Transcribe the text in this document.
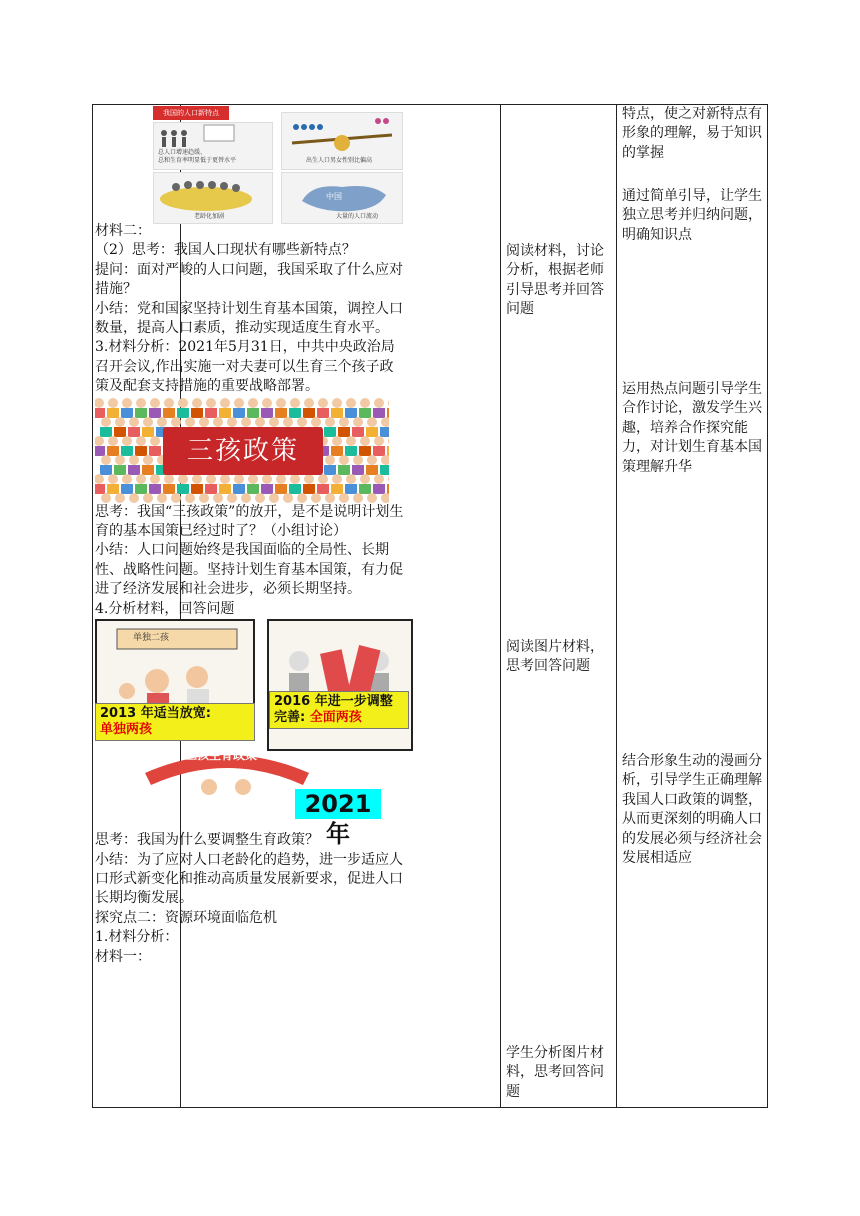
我国的人口新特点
总人口增速趋缓、
总和生育率明显低于更替水平	出生人口男女性别比偏高
老龄化加剧
中国
大量的人口流动

材料二：

（2）思考：我国人口现状有哪些新特点？

提问：面对严峻的人口问题，我国采取了什么应对措施？

小结：党和国家坚持计划生育基本国策，调控人口数量，提高人口素质，推动实现适度生育水平。

3.材料分析：2021年5月31日，中共中央政治局召开会议,作出实施一对夫妻可以生育三个孩子政策及配套支持措施的重要战略部署。

三孩政策

思考：我国“三孩政策”的放开，是不是说明计划生育的基本国策已经过时了？（小组讨论）

小结：人口问题始终是我国面临的全局性、长期性、战略性问题。坚持计划生育基本国策，有力促进了经济发展和社会进步，必须长期坚持。

4.分析材料，回答问题

单独二孩
2013 年适当放宽:
单独两孩
2016 年进一步调整完善: 全面两孩
三孩生育政策
2021 年

思考：我国为什么要调整生育政策？

小结：为了应对人口老龄化的趋势，进一步适应人口形式新变化和推动高质量发展新要求，促进人口长期均衡发展。

探究点二：资源环境面临危机

1.材料分析：

材料一：

阅读材料，讨论分析，根据老师引导思考并回答问题
阅读图片材料，思考回答问题
学生分析图片材料，思考回答问题
特点，使之对新特点有形象的理解，易于知识的掌握
通过简单引导，让学生独立思考并归纳问题，明确知识点
运用热点问题引导学生合作讨论，激发学生兴趣，培养合作探究能力，对计划生育基本国策理解升华
结合形象生动的漫画分析，引导学生正确理解我国人口政策的调整，从而更深刻的明确人口的发展必须与经济社会发展相适应
